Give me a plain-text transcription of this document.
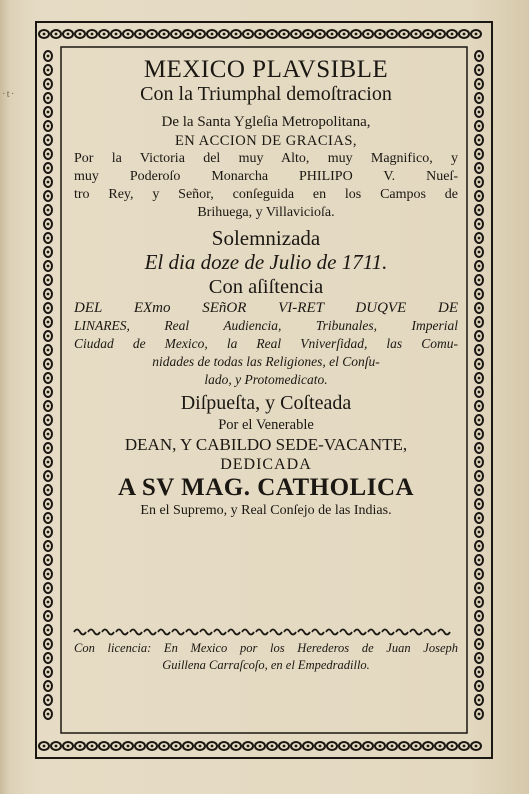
·t·
MEXICO PLAVSIBLE
Con la Triumphal demoſtracion
De la Santa Ygleſia Metropolitana,
EN ACCION DE GRACIAS,
Por la Victoria del muy Alto, muy Magnifico, y
muy Poderoſo Monarcha PHILIPO V. Nueſ-
tro Rey, y Señor, conſeguida en los Campos de
Brihuega, y Villavicioſa.
Solemnizada
El dia doze de Julio de 1711.
Con aſiſtencia
DEL EXmo SEñOR VI-RET DUQVE DE
LINARES, Real Audiencia, Tribunales, Imperial
Ciudad de Mexico, la Real Vniverſidad, las Comu-
nidades de todas las Religiones, el Conſu-
lado, y Protomedicato.
Diſpueſta, y Coſteada
Por el Venerable
DEAN, Y CABILDO SEDE-VACANTE,
DEDICADA
A SV MAG. CATHOLICA
En el Supremo, y Real Conſejo de las Indias.
Con licencia: En Mexico por los Herederos de Juan Joseph
Guillena Carraſcoſo, en el Empedradillo.
